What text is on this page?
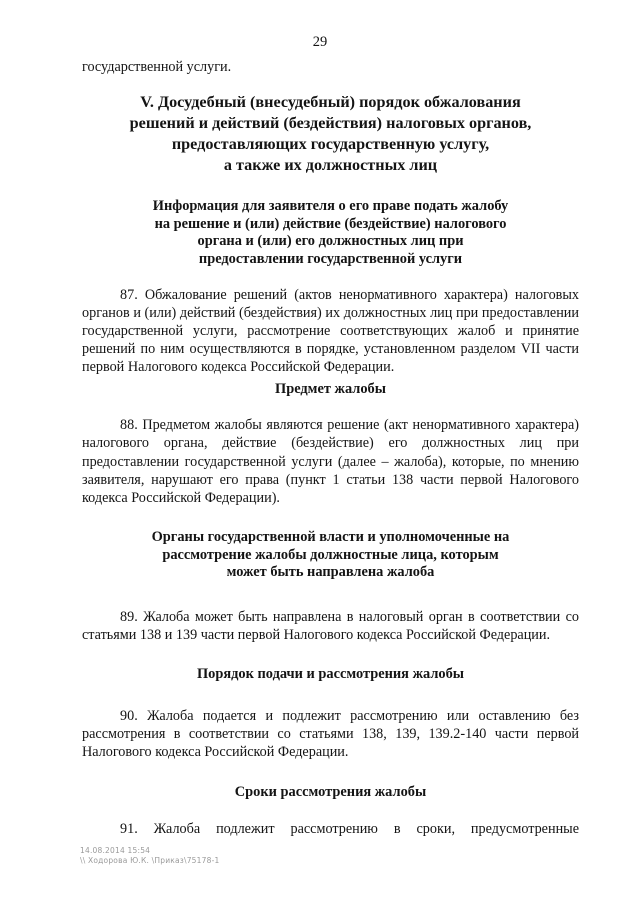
29

государственной услуги.

V. Досудебный (внесудебный) порядок обжалования
решений и действий (бездействия) налоговых органов,
предоставляющих государственную услугу,
а также их должностных лиц
Информация для заявителя о его праве подать жалобу
на решение и (или) действие (бездействие) налогового
органа и (или) его должностных лиц при
предоставлении государственной услуги

87. Обжалование решений (актов ненормативного характера) налоговых органов и (или) действий (бездействия) их должностных лиц при предоставлении государственной услуги, рассмотрение соответствующих жалоб и принятие решений по ним осуществляются в порядке, установленном разделом VII части первой Налогового кодекса Российской Федерации.

Предмет жалобы

88. Предметом жалобы являются решение (акт ненормативного характера) налогового органа, действие (бездействие) его должностных лиц при предоставлении государственной услуги (далее – жалоба), которые, по мнению заявителя, нарушают его права (пункт 1 статьи 138 части первой Налогового кодекса Российской Федерации).

Органы государственной власти и уполномоченные на
рассмотрение жалобы должностные лица, которым
может быть направлена жалоба

89. Жалоба может быть направлена в налоговый орган в соответствии со статьями 138 и 139 части первой Налогового кодекса Российской Федерации.

Порядок подачи и рассмотрения жалобы

90. Жалоба подается и подлежит рассмотрению или оставлению без рассмотрения в соответствии со статьями 138, 139, 139.2-140 части первой Налогового кодекса Российской Федерации.

Сроки рассмотрения жалобы

91. Жалоба подлежит рассмотрению в сроки, предусмотренные

14.08.2014 15:54
\\ Ходорова Ю.К. \Приказ\75178-1
